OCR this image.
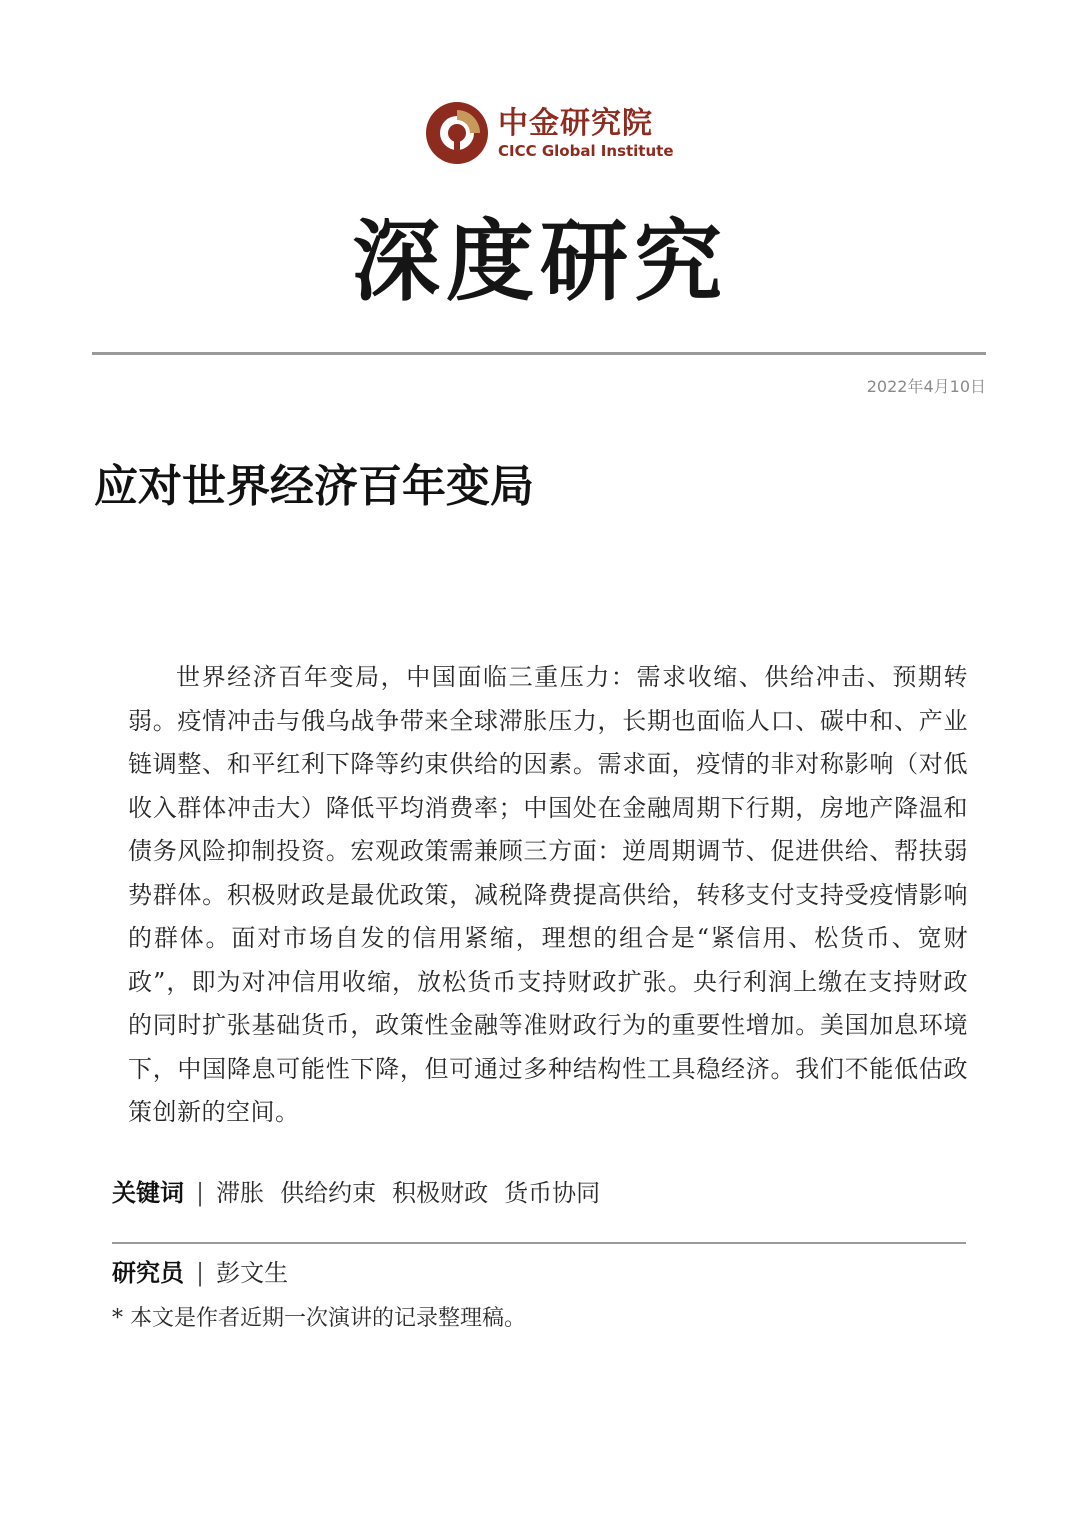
中金研究院
CICC Global Institute
深度研究
2022年4月10日
应对世界经济百年变局

世界经济百年变局，中国面临三重压力：需求收缩、供给冲击、预期转弱。疫情冲击与俄乌战争带来全球滞胀压力，长期也面临人口、碳中和、产业链调整、和平红利下降等约束供给的因素。需求面，疫情的非对称影响（对低收入群体冲击大）降低平均消费率；中国处在金融周期下行期，房地产降温和债务风险抑制投资。宏观政策需兼顾三方面：逆周期调节、促进供给、帮扶弱势群体。积极财政是最优政策，减税降费提高供给，转移支付支持受疫情影响的群体。面对市场自发的信用紧缩，理想的组合是“紧信用、松货币、宽财政”，即为对冲信用收缩，放松货币支持财政扩张。央行利润上缴在支持财政的同时扩张基础货币，政策性金融等准财政行为的重要性增加。美国加息环境下，中国降息可能性下降，但可通过多种结构性工具稳经济。我们不能低估政策创新的空间。

关键词 | 滞胀 供给约束 积极财政 货币协同
研究员 | 彭文生
* 本文是作者近期一次演讲的记录整理稿。
